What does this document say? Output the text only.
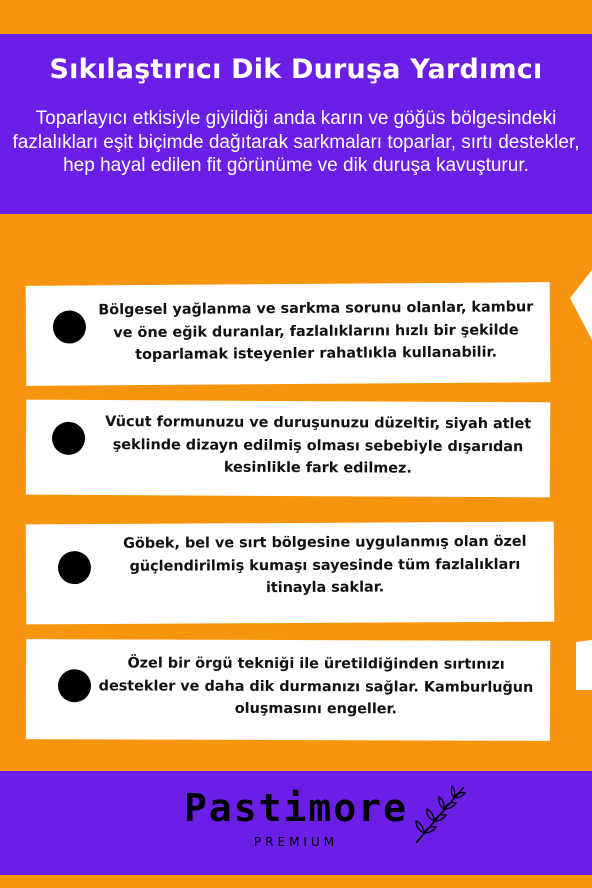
Sıkılaştırıcı Dik Duruşa Yardımcı

Toparlayıcı etkisiyle giyildiği anda karın ve göğüs bölgesindeki fazlalıkları eşit biçimde dağıtarak sarkmaları toparlar, sırtı destekler, hep hayal edilen fit görünüme ve dik duruşa kavuşturur.

Bölgesel yağlanma ve sarkma sorunu olanlar, kambur ve öne eğik duranlar, fazlalıklarını hızlı bir şekilde toparlamak isteyenler rahatlıkla kullanabilir.
Vücut formunuzu ve duruşunuzu düzeltir, siyah atlet şeklinde dizayn edilmiş olması sebebiyle dışarıdan kesinlikle fark edilmez.
Göbek, bel ve sırt bölgesine uygulanmış olan özel güçlendirilmiş kumaşı sayesinde tüm fazlalıkları itinayla saklar.
Özel bir örgü tekniği ile üretildiğinden sırtınızı destekler ve daha dik durmanızı sağlar. Kamburluğun oluşmasını engeller.
Pastimore
PREMIUM
